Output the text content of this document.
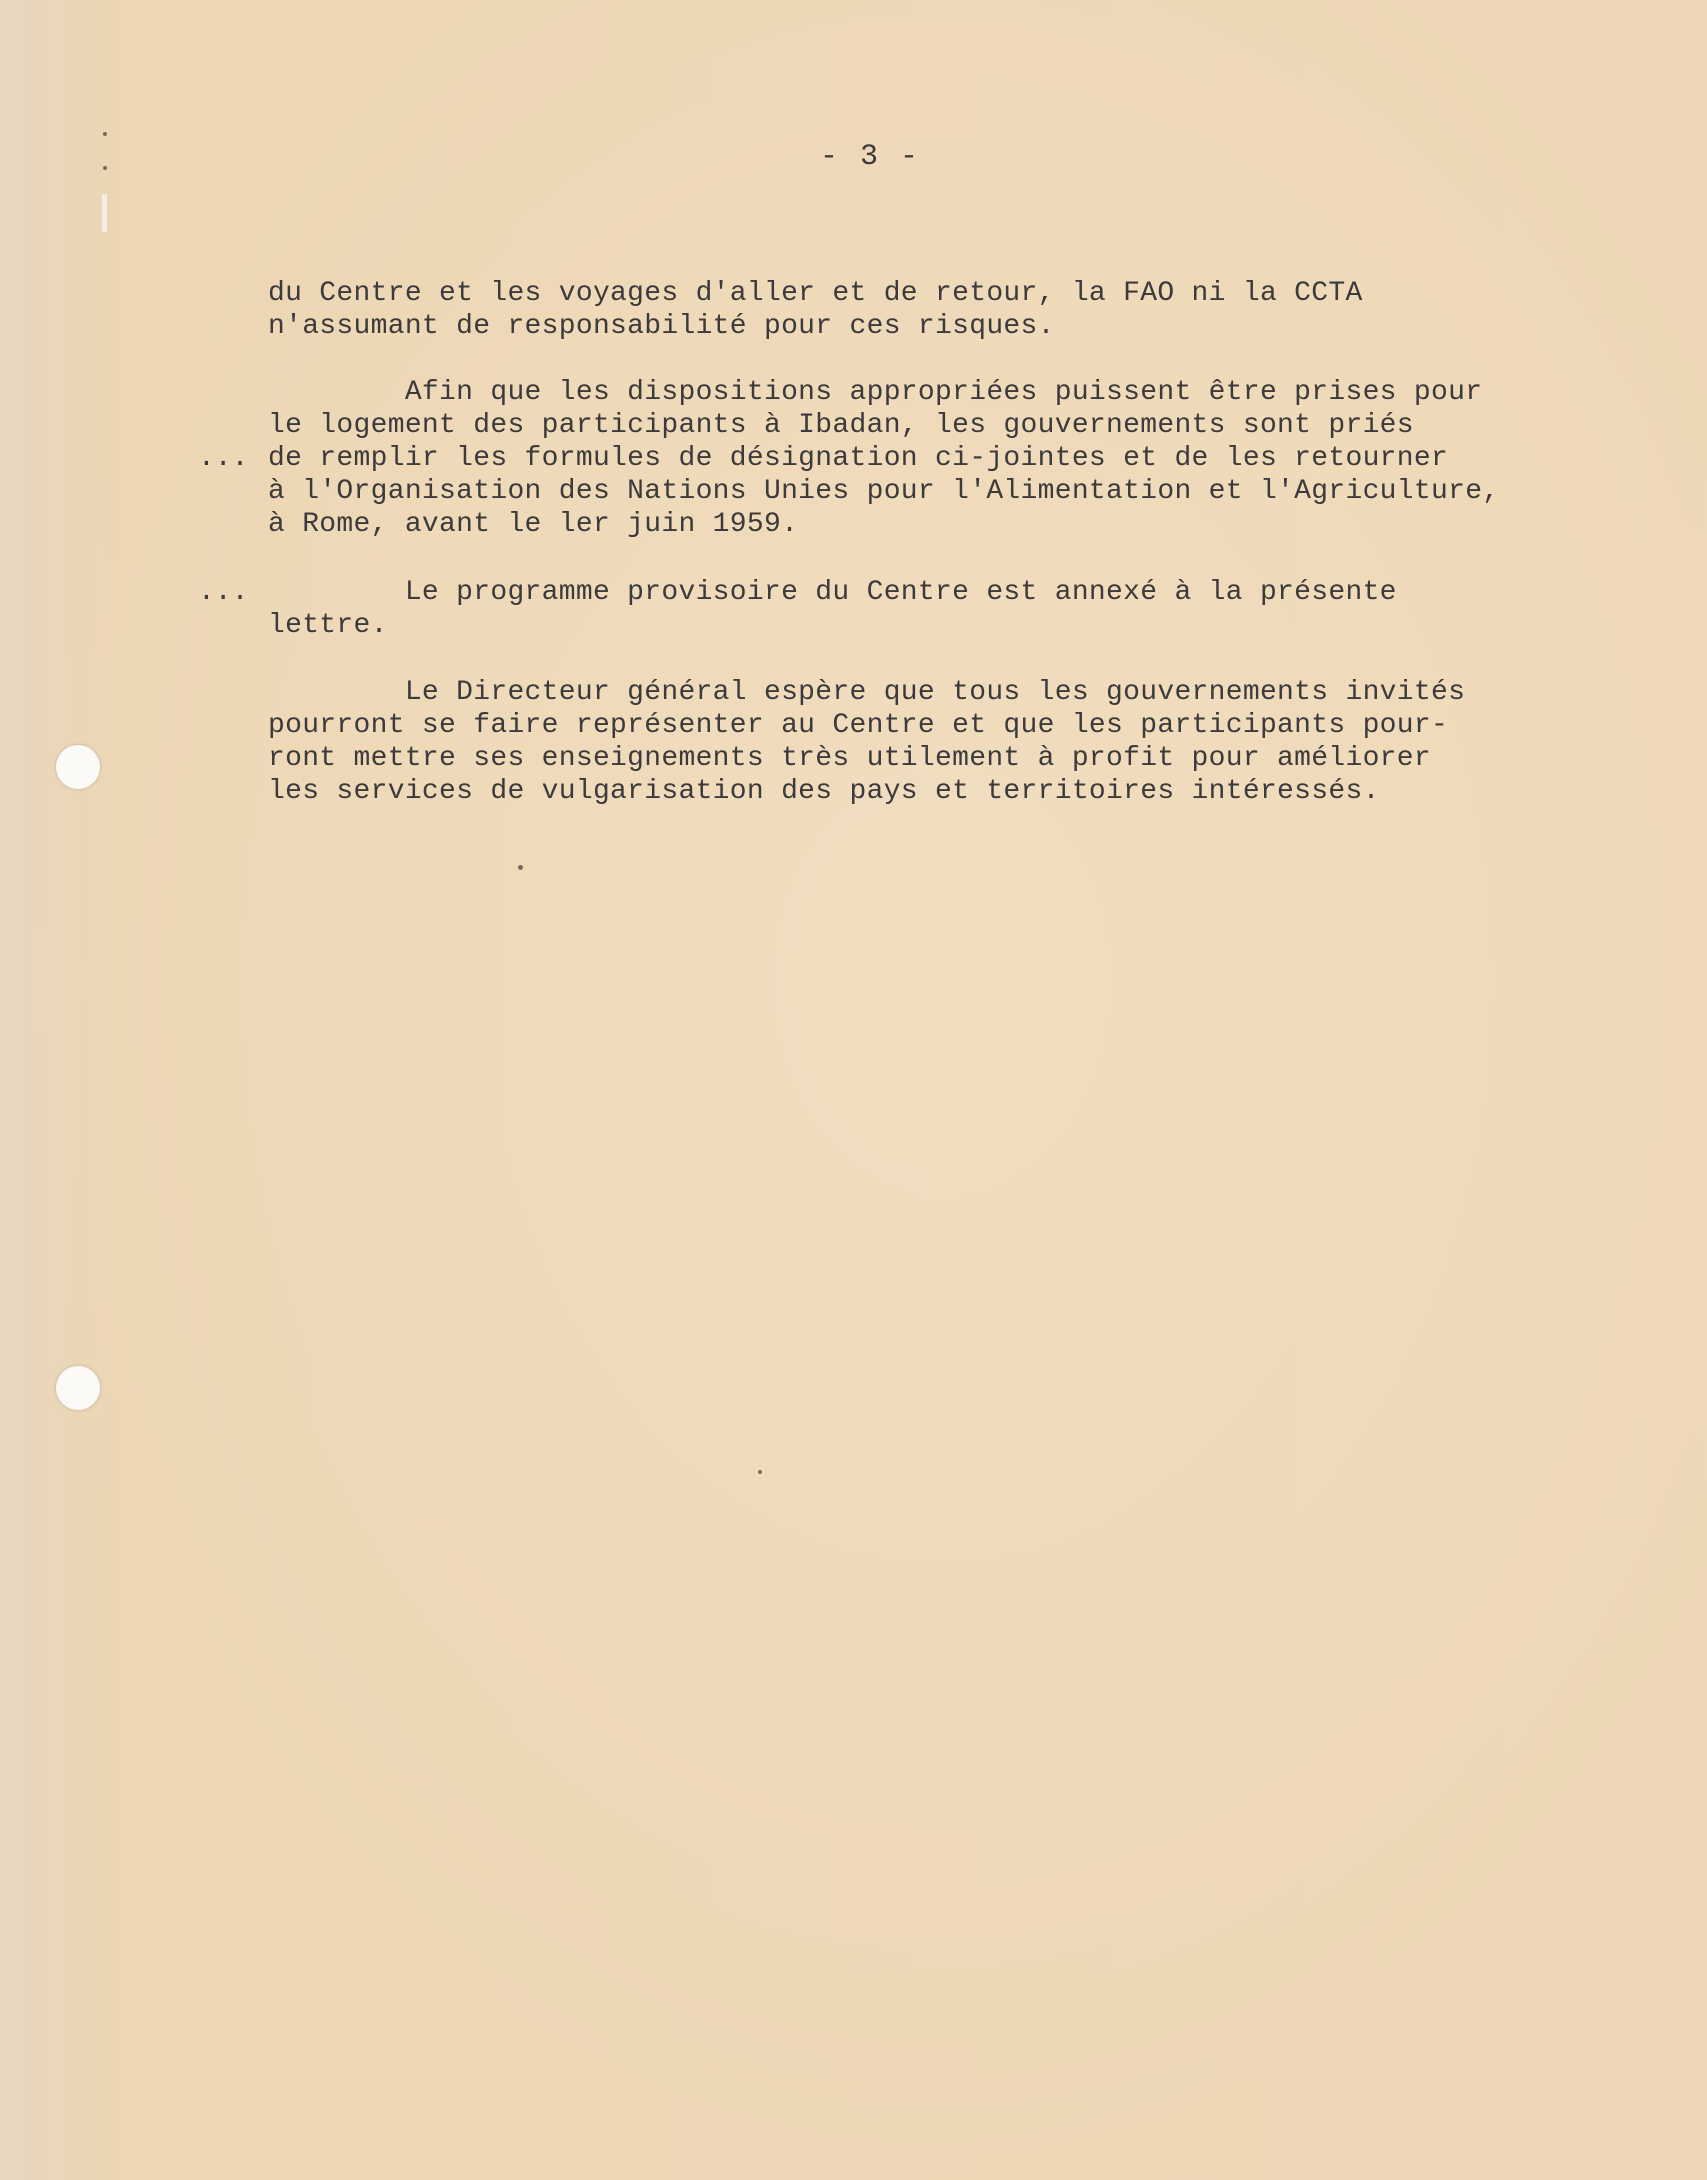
- 3 -
du Centre et les voyages d'aller et de retour, la FAO ni la CCTA
n'assumant de responsabilité pour ces risques.
Afin que les dispositions appropriées puissent être prises pour
le logement des participants à Ibadan, les gouvernements sont priés
de remplir les formules de désignation ci-jointes et de les retourner
à l'Organisation des Nations Unies pour l'Alimentation et l'Agriculture,
à Rome, avant le ler juin 1959.
Le programme provisoire du Centre est annexé à la présente
lettre.
Le Directeur général espère que tous les gouvernements invités
pourront se faire représenter au Centre et que les participants pour-
ront mettre ses enseignements très utilement à profit pour améliorer
les services de vulgarisation des pays et territoires intéressés.
...
...
